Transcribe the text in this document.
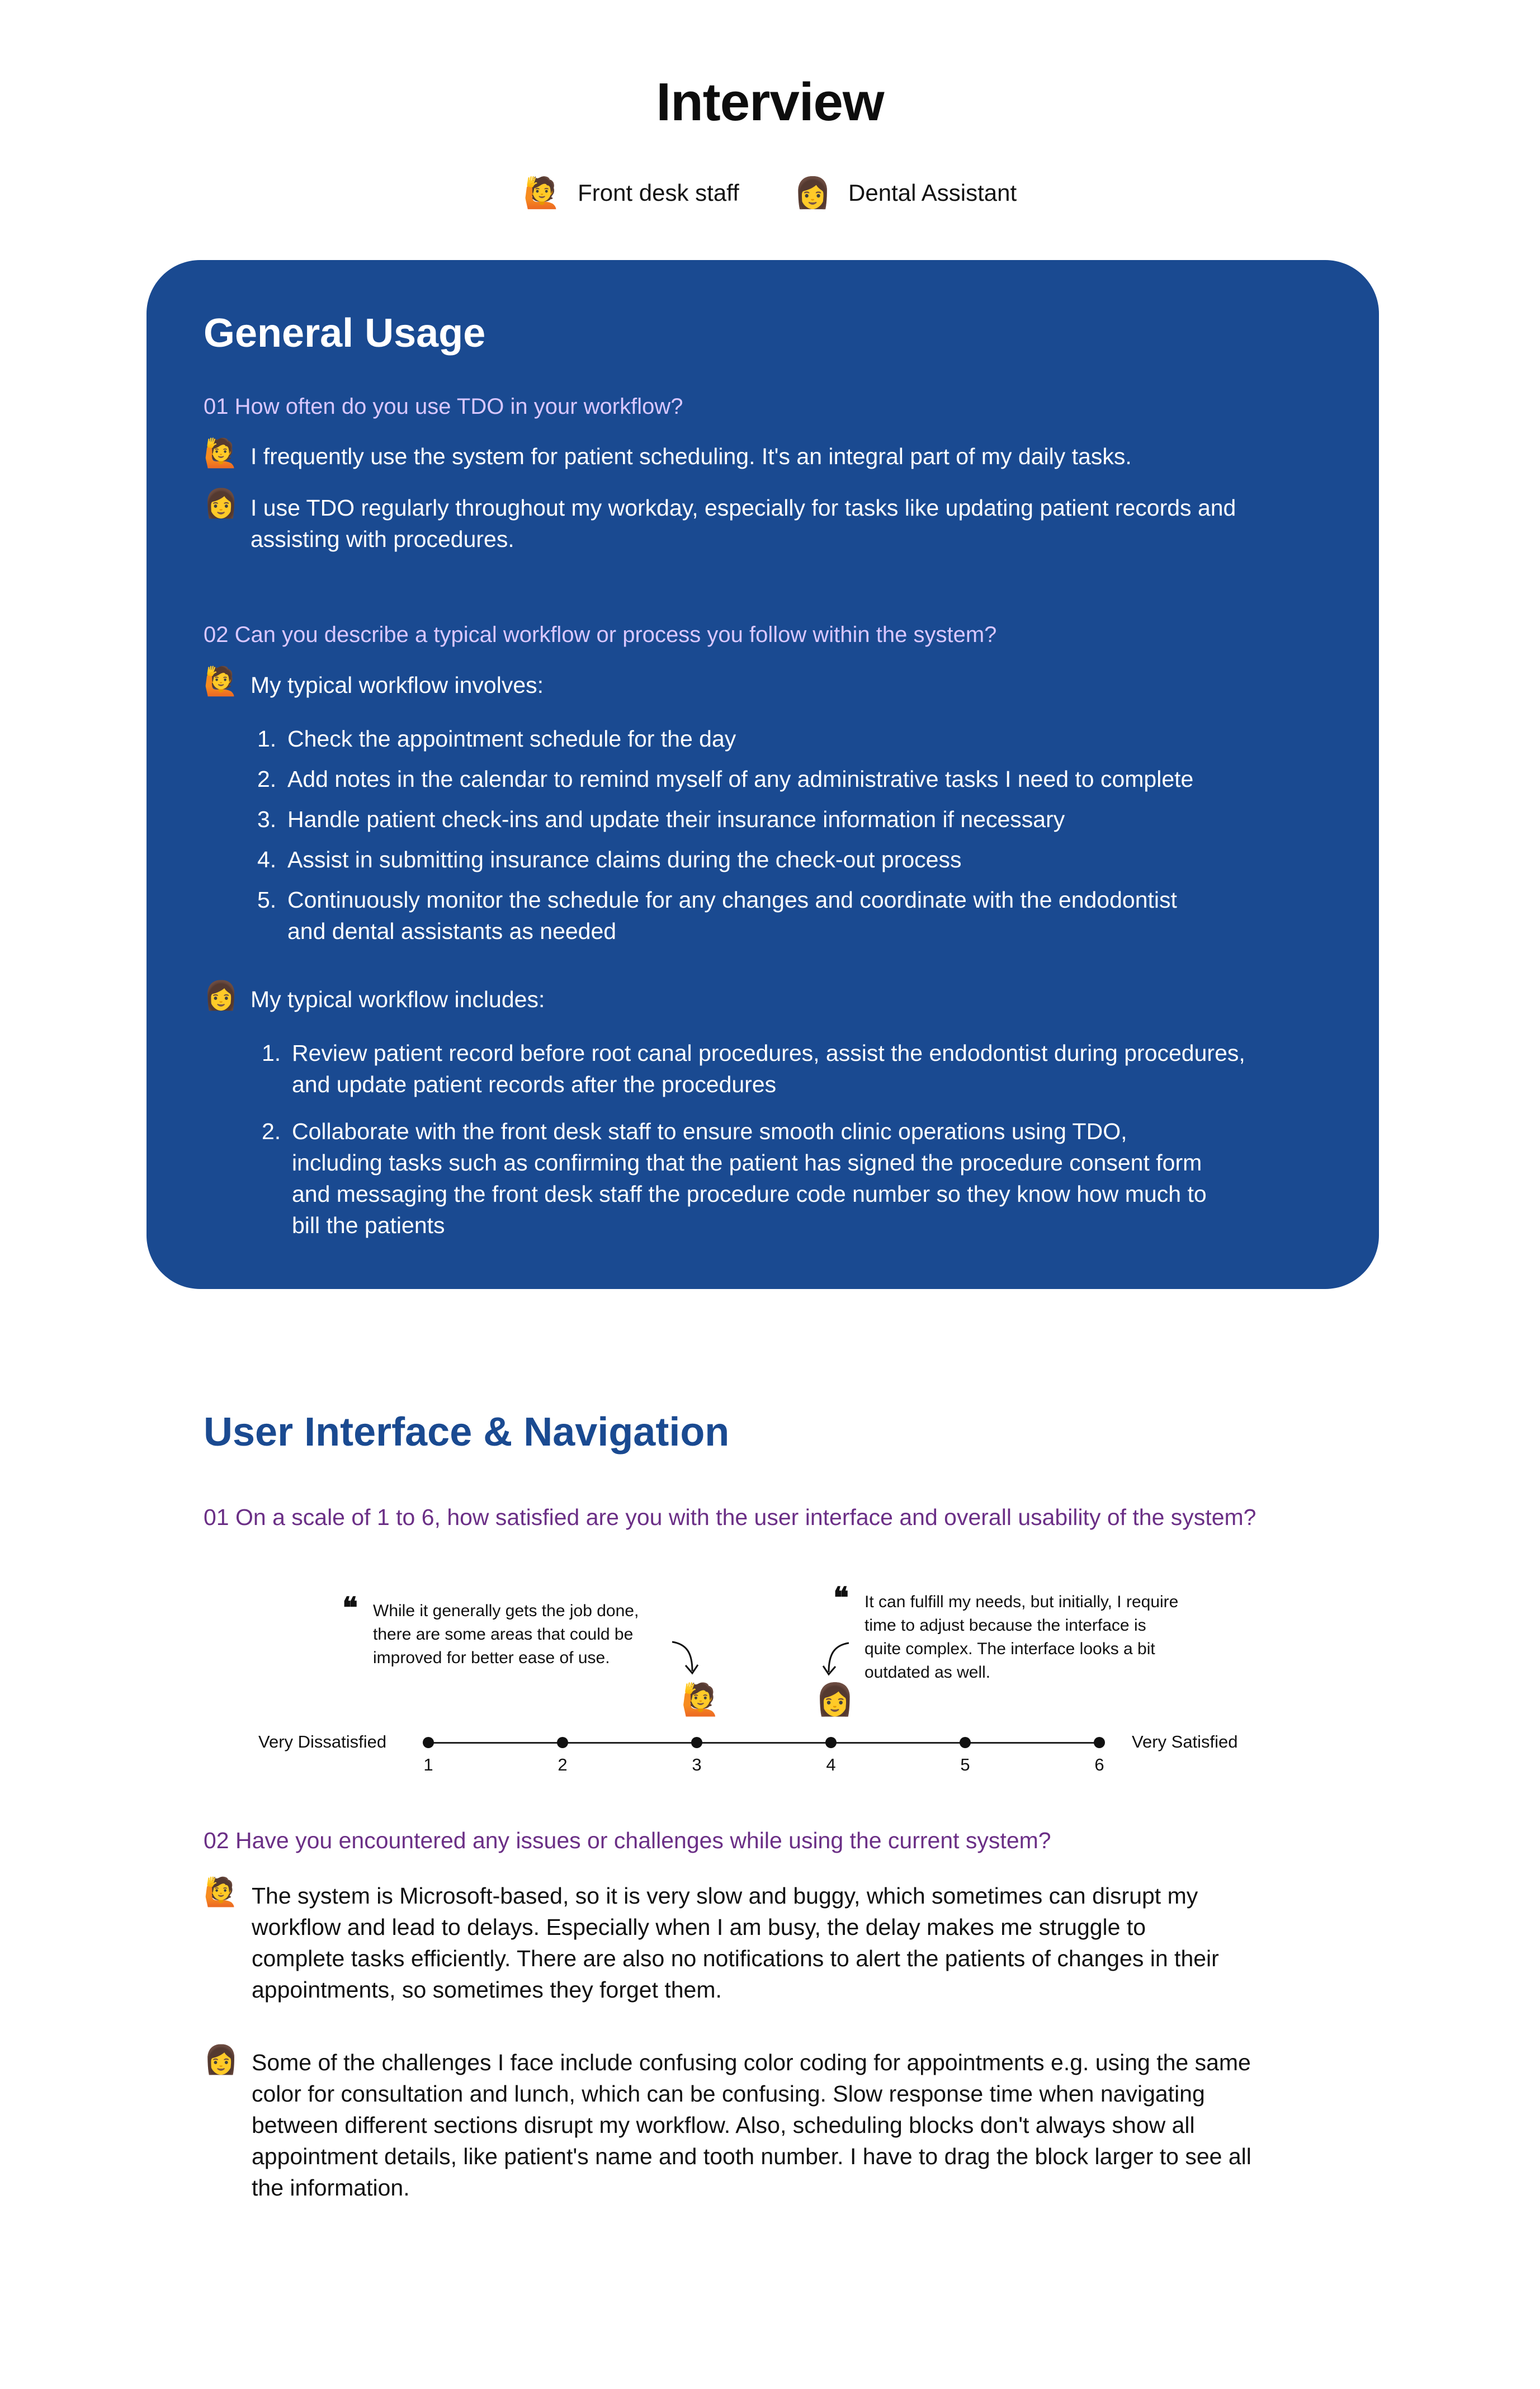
Interview
🙋 Front desk staff 👩 Dental Assistant
General Usage
01 How often do you use TDO in your workflow?
🙋 I frequently use the system for patient scheduling. It's an integral part of my daily tasks.
👩 I use TDO regularly throughout my workday, especially for tasks like updating patient records and
assisting with procedures.
02 Can you describe a typical workflow or process you follow within the system?
🙋 My typical workflow involves:
1. Check the appointment schedule for the day
2. Add notes in the calendar to remind myself of any administrative tasks I need to complete
3. Handle patient check-ins and update their insurance information if necessary
4. Assist in submitting insurance claims during the check-out process
5. Continuously monitor the schedule for any changes and coordinate with the endodontist
and dental assistants as needed
👩 My typical workflow includes:
1. Review patient record before root canal procedures, assist the endodontist during procedures,
and update patient records after the procedures
2. Collaborate with the front desk staff to ensure smooth clinic operations using TDO,
including tasks such as confirming that the patient has signed the procedure consent form
and messaging the front desk staff the procedure code number so they know how much to
bill the patients
User Interface & Navigation
01 On a scale of 1 to 6, how satisfied are you with the user interface and overall usability of the system?
Very Dissatisfied	Very Satisfied
1	2	3	4	5	6
❝ While it generally gets the job done,
there are some areas that could be
improved for better ease of use.
❝ It can fulfill my needs, but initially, I require
time to adjust because the interface is
quite complex. The interface looks a bit
outdated as well.
🙋	👩
02 Have you encountered any issues or challenges while using the current system?
🙋 The system is Microsoft-based, so it is very slow and buggy, which sometimes can disrupt my
workflow and lead to delays. Especially when I am busy, the delay makes me struggle to
complete tasks efficiently. There are also no notifications to alert the patients of changes in their
appointments, so sometimes they forget them.
👩 Some of the challenges I face include confusing color coding for appointments e.g. using the same
color for consultation and lunch, which can be confusing. Slow response time when navigating
between different sections disrupt my workflow. Also, scheduling blocks don't always show all
appointment details, like patient's name and tooth number. I have to drag the block larger to see all
the information.
